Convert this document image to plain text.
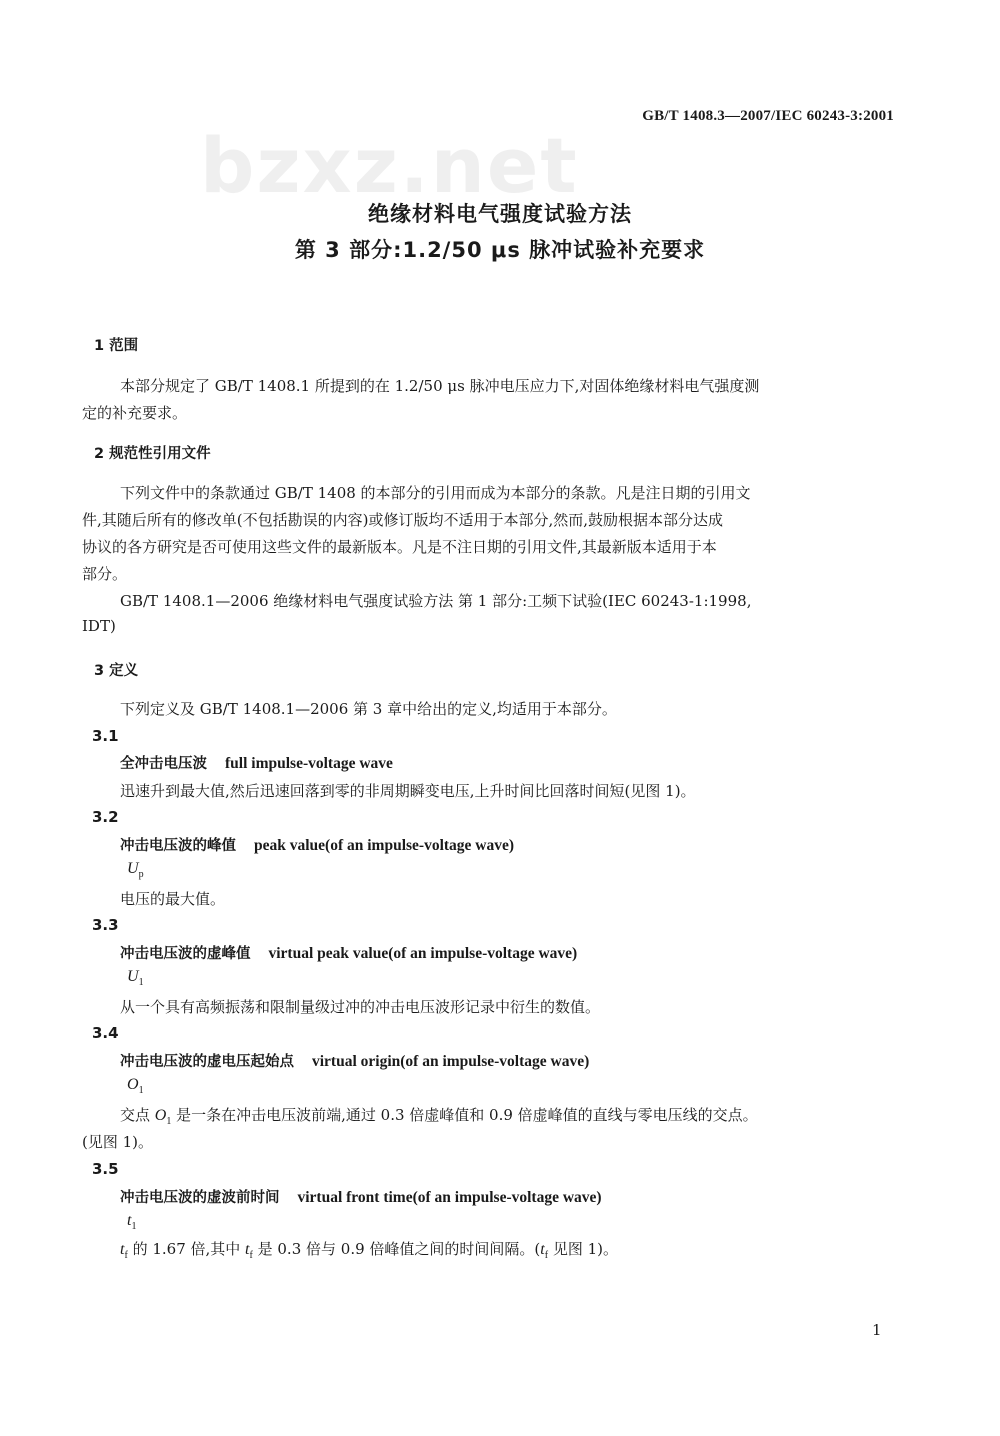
GB/T 1408.3—2007/IEC 60243-3:2001
bzxz.net
绝缘材料电气强度试验方法
第 3 部分:1.2/50 μs 脉冲试验补充要求
1 范围
本部分规定了 GB/T 1408.1 所提到的在 1.2/50 μs 脉冲电压应力下,对固体绝缘材料电气强度测
定的补充要求。
2 规范性引用文件
下列文件中的条款通过 GB/T 1408 的本部分的引用而成为本部分的条款。凡是注日期的引用文
件,其随后所有的修改单(不包括勘误的内容)或修订版均不适用于本部分,然而,鼓励根据本部分达成
协议的各方研究是否可使用这些文件的最新版本。凡是不注日期的引用文件,其最新版本适用于本
部分。
GB/T 1408.1—2006 绝缘材料电气强度试验方法 第 1 部分:工频下试验(IEC 60243-1:1998,
IDT)
3 定义
下列定义及 GB/T 1408.1—2006 第 3 章中给出的定义,均适用于本部分。
3.1
全冲击电压波 full impulse-voltage wave
迅速升到最大值,然后迅速回落到零的非周期瞬变电压,上升时间比回落时间短(见图 1)。
3.2
冲击电压波的峰值 peak value(of an impulse-voltage wave)
$U_p$
电压的最大值。
3.3
冲击电压波的虚峰值 virtual peak value(of an impulse-voltage wave)
$U_1$
从一个具有高频振荡和限制量级过冲的冲击电压波形记录中衍生的数值。
3.4
冲击电压波的虚电压起始点 virtual origin(of an impulse-voltage wave)
$O_1$
交点 $O_1$ 是一条在冲击电压波前端,通过 0.3 倍虚峰值和 0.9 倍虚峰值的直线与零电压线的交点。
(见图 1)。
3.5
冲击电压波的虚波前时间 virtual front time(of an impulse-voltage wave)
$t_1$
$t_f$ 的 1.67 倍,其中 $t_f$ 是 0.3 倍与 0.9 倍峰值之间的时间间隔。($t_f$ 见图 1)。
1
